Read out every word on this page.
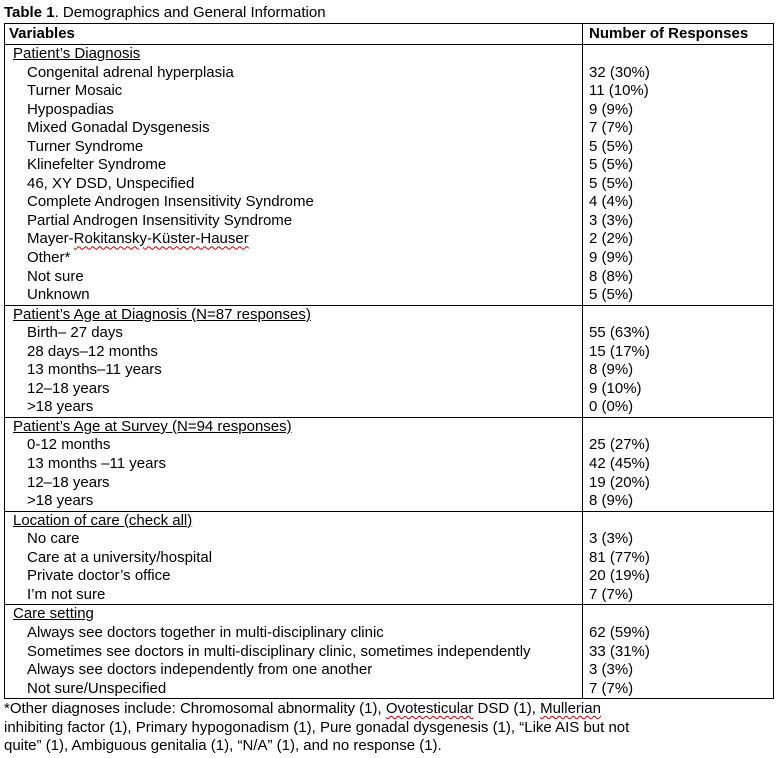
Table 1. Demographics and General Information
Variables	Number of Responses
Patient’s Diagnosis
Congenital adrenal hyperplasia
Turner Mosaic
Hypospadias
Mixed Gonadal Dysgenesis
Turner Syndrome
Klinefelter Syndrome
46, XY DSD, Unspecified
Complete Androgen Insensitivity Syndrome
Partial Androgen Insensitivity Syndrome
Mayer-Rokitansky-Küster-Hauser
Other*
Not sure
Unknown
32 (30%)
11 (10%)
9 (9%)
7 (7%)
5 (5%)
5 (5%)
5 (5%)
4 (4%)
3 (3%)
2 (2%)
9 (9%)
8 (8%)
5 (5%)
Patient’s Age at Diagnosis (N=87 responses)
Birth– 27 days
28 days–12 months
13 months–11 years
12–18 years
>18 years
55 (63%)
15 (17%)
8 (9%)
9 (10%)
0 (0%)
Patient’s Age at Survey (N=94 responses)
0-12 months
13 months –11 years
12–18 years
>18 years
25 (27%)
42 (45%)
19 (20%)
8 (9%)
Location of care (check all)
No care
Care at a university/hospital
Private doctor’s office
I’m not sure
3 (3%)
81 (77%)
20 (19%)
7 (7%)
Care setting
Always see doctors together in multi-disciplinary clinic
Sometimes see doctors in multi-disciplinary clinic, sometimes independently
Always see doctors independently from one another
Not sure/Unspecified
62 (59%)
33 (31%)
3 (3%)
7 (7%)
*Other diagnoses include: Chromosomal abnormality (1), Ovotesticular DSD (1), Mullerian
inhibiting factor (1), Primary hypogonadism (1), Pure gonadal dysgenesis (1), “Like AIS but not
quite” (1), Ambiguous genitalia (1), “N/A” (1), and no response (1).
